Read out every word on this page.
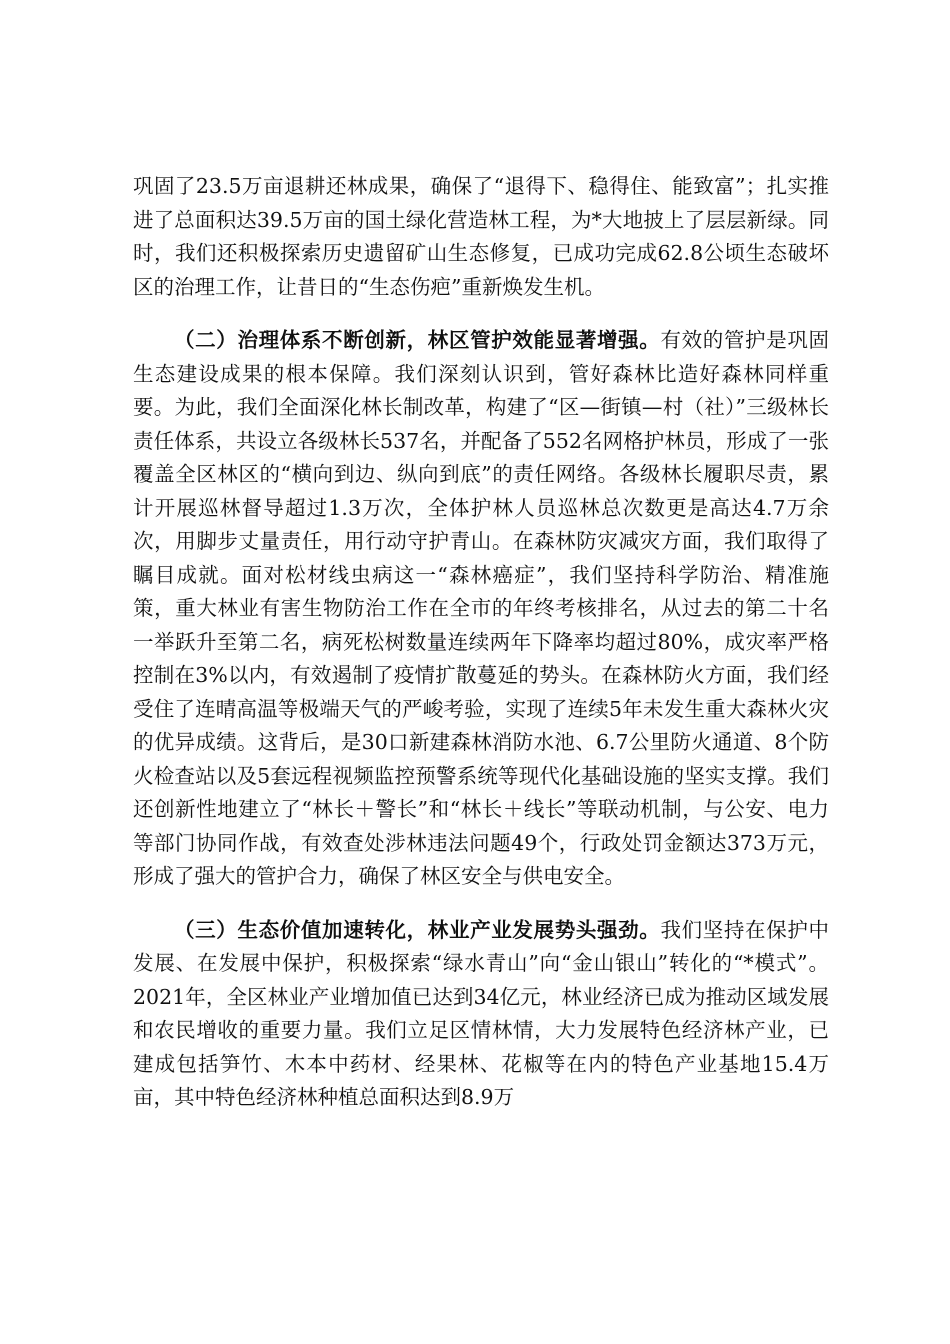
巩固了23.5万亩退耕还林成果，确保了“退得下、稳得住、能致富”；扎实推进了总面积达39.5万亩的国土绿化营造林工程，为*大地披上了层层新绿。同时，我们还积极探索历史遗留矿山生态修复，已成功完成62.8公顷生态破坏区的治理工作，让昔日的“生态伤疤”重新焕发生机。

（二）治理体系不断创新，林区管护效能显著增强。有效的管护是巩固生态建设成果的根本保障。我们深刻认识到，管好森林比造好森林同样重要。为此，我们全面深化林长制改革，构建了“区—街镇—村（社）”三级林长责任体系，共设立各级林长537名，并配备了552名网格护林员，形成了一张覆盖全区林区的“横向到边、纵向到底”的责任网络。各级林长履职尽责，累计开展巡林督导超过1.3万次，全体护林人员巡林总次数更是高达4.7万余次，用脚步丈量责任，用行动守护青山。在森林防灾减灾方面，我们取得了瞩目成就。面对松材线虫病这一“森林癌症”，我们坚持科学防治、精准施策，重大林业有害生物防治工作在全市的年终考核排名，从过去的第二十名一举跃升至第二名，病死松树数量连续两年下降率均超过80%，成灾率严格控制在3%以内，有效遏制了疫情扩散蔓延的势头。在森林防火方面，我们经受住了连晴高温等极端天气的严峻考验，实现了连续5年未发生重大森林火灾的优异成绩。这背后，是30口新建森林消防水池、6.7公里防火通道、8个防火检查站以及5套远程视频监控预警系统等现代化基础设施的坚实支撑。我们还创新性地建立了“林长＋警长”和“林长＋线长”等联动机制，与公安、电力等部门协同作战，有效查处涉林违法问题49个，行政处罚金额达373万元，形成了强大的管护合力，确保了林区安全与供电安全。

（三）生态价值加速转化，林业产业发展势头强劲。我们坚持在保护中发展、在发展中保护，积极探索“绿水青山”向“金山银山”转化的“*模式”。2021年，全区林业产业增加值已达到34亿元，林业经济已成为推动区域发展和农民增收的重要力量。我们立足区情林情，大力发展特色经济林产业，已建成包括笋竹、木本中药材、经果林、花椒等在内的特色产业基地15.4万亩，其中特色经济林种植总面积达到8.9万
